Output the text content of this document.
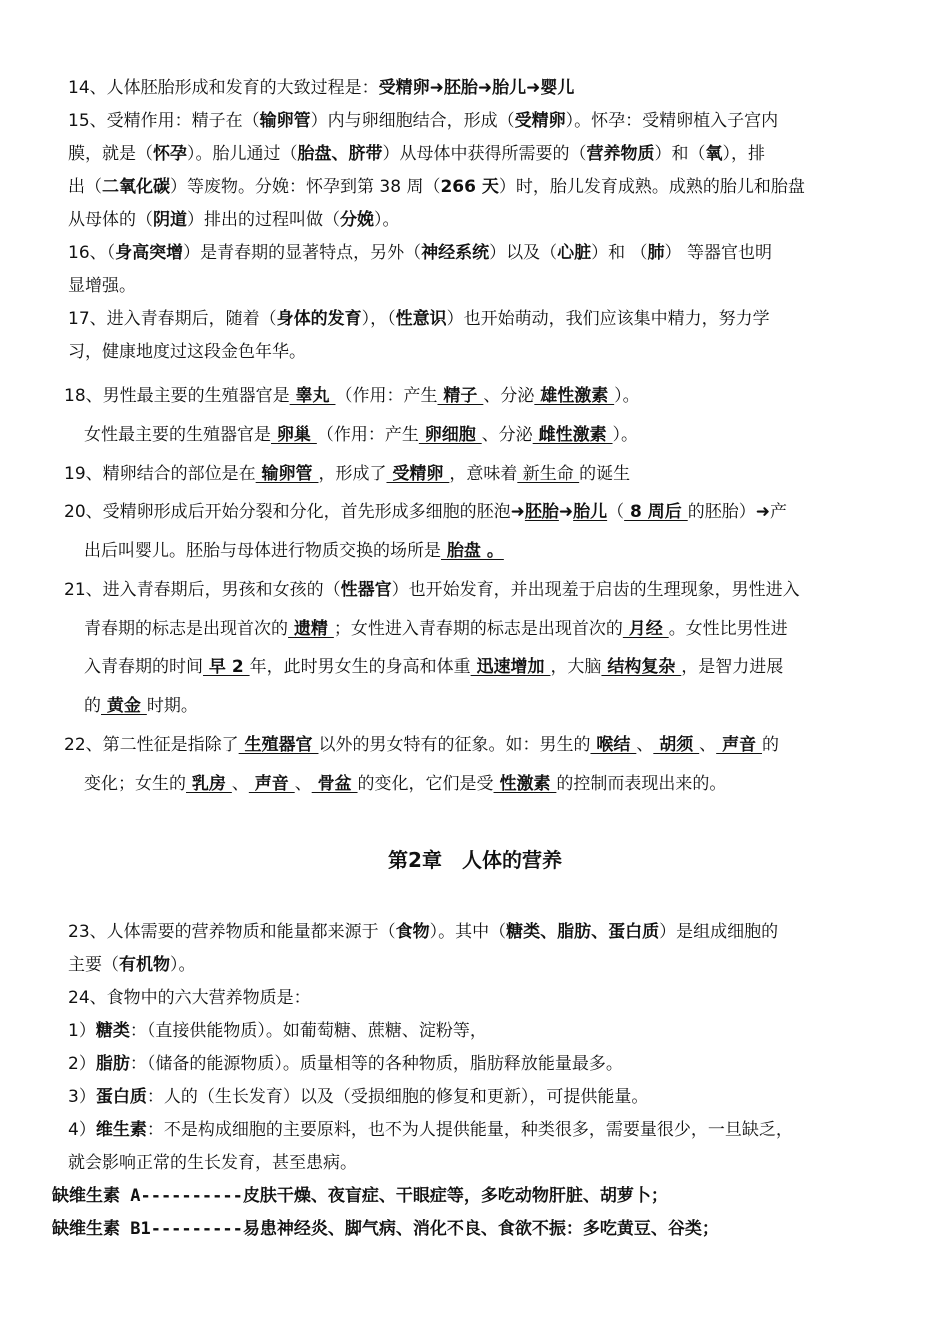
14、人体胚胎形成和发育的大致过程是：受精卵➜胚胎➜胎儿➜婴儿
15、受精作用：精子在（输卵管）内与卵细胞结合，形成（受精卵）。怀孕：受精卵植入子宫内
膜，就是（怀孕）。胎儿通过（胎盘、脐带）从母体中获得所需要的（营养物质）和（氧），排
出（二氧化碳）等废物。分娩：怀孕到第 38 周（266 天）时，胎儿发育成熟。成熟的胎儿和胎盘
从母体的（阴道）排出的过程叫做（分娩）。
16、（身高突增）是青春期的显著特点，另外（神经系统）以及（心脏）和 （肺） 等器官也明
显增强。
17、进入青春期后，随着（身体的发育），（性意识）也开始萌动，我们应该集中精力，努力学
习，健康地度过这段金色年华。
18、男性最主要的生殖器官是 睾丸 （作用：产生 精子 、分泌 雄性激素 ）。
女性最主要的生殖器官是 卵巢 （作用：产生 卵细胞 、分泌 雌性激素 ）。
19、精卵结合的部位是在 输卵管 ，形成了 受精卵 ，意味着 新生命 的诞生
20、受精卵形成后开始分裂和分化，首先形成多细胞的胚泡➜胚胎➜胎儿（ 8 周后 的胚胎）➜产
出后叫婴儿。胚胎与母体进行物质交换的场所是 胎盘 。
21、进入青春期后，男孩和女孩的（性器官）也开始发育，并出现羞于启齿的生理现象，男性进入
青春期的标志是出现首次的 遗精 ；女性进入青春期的标志是出现首次的 月经 。女性比男性进
入青春期的时间 早 2 年，此时男女生的身高和体重 迅速增加 ，大脑 结构复杂 ，是智力进展
的 黄金 时期。
22、第二性征是指除了 生殖器官 以外的男女特有的征象。如：男生的 喉结 、 胡须 、 声音 的
变化；女生的 乳房 、 声音 、 骨盆 的变化，它们是受 性激素 的控制而表现出来的。
23、人体需要的营养物质和能量都来源于（食物）。其中（糖类、脂肪、蛋白质）是组成细胞的
主要（有机物）。
24、食物中的六大营养物质是：
1）糖类：（直接供能物质）。如葡萄糖、蔗糖、淀粉等，
2）脂肪：（储备的能源物质）。质量相等的各种物质，脂肪释放能量最多。
3）蛋白质：人的（生长发育）以及（受损细胞的修复和更新），可提供能量。
4）维生素：不是构成细胞的主要原料，也不为人提供能量，种类很多，需要量很少，一旦缺乏，
就会影响正常的生长发育，甚至患病。
缺维生素 A----------皮肤干燥、夜盲症、干眼症等，多吃动物肝脏、胡萝卜；
缺维生素 B1---------易患神经炎、脚气病、消化不良、食欲不振：多吃黄豆、谷类；
第2章　人体的营养
